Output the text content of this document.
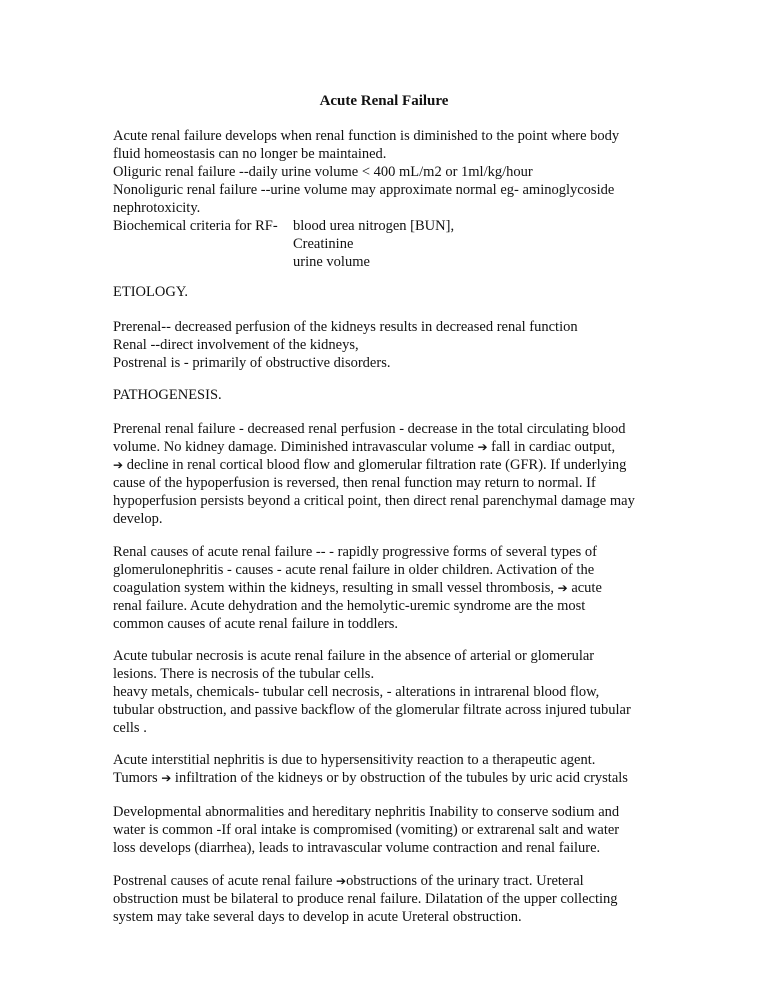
Acute Renal Failure
Acute renal failure develops when renal function is diminished to the point where body
fluid homeostasis can no longer be maintained.
Oliguric renal failure --daily urine volume < 400 mL/m2 or 1ml/kg/hour
Nonoliguric renal failure --urine volume may approximate normal eg- aminoglycoside
nephrotoxicity.
Biochemical criteria for RF- blood urea nitrogen [BUN],
Creatinine
urine volume
ETIOLOGY.
Prerenal-- decreased perfusion of the kidneys results in decreased renal function
Renal --direct involvement of the kidneys,
Postrenal is - primarily of obstructive disorders.
PATHOGENESIS.
Prerenal renal failure - decreased renal perfusion - decrease in the total circulating blood
volume. No kidney damage. Diminished intravascular volume ➔ fall in cardiac output,
➔ decline in renal cortical blood flow and glomerular filtration rate (GFR). If underlying
cause of the hypoperfusion is reversed, then renal function may return to normal. If
hypoperfusion persists beyond a critical point, then direct renal parenchymal damage may
develop.
Renal causes of acute renal failure -- - rapidly progressive forms of several types of
glomerulonephritis - causes - acute renal failure in older children. Activation of the
coagulation system within the kidneys, resulting in small vessel thrombosis, ➔ acute
renal failure. Acute dehydration and the hemolytic-uremic syndrome are the most
common causes of acute renal failure in toddlers.
Acute tubular necrosis is acute renal failure in the absence of arterial or glomerular
lesions. There is necrosis of the tubular cells.
heavy metals, chemicals- tubular cell necrosis, - alterations in intrarenal blood flow,
tubular obstruction, and passive backflow of the glomerular filtrate across injured tubular
cells .
Acute interstitial nephritis is due to hypersensitivity reaction to a therapeutic agent.
Tumors ➔ infiltration of the kidneys or by obstruction of the tubules by uric acid crystals
Developmental abnormalities and hereditary nephritis Inability to conserve sodium and
water is common -If oral intake is compromised (vomiting) or extrarenal salt and water
loss develops (diarrhea), leads to intravascular volume contraction and renal failure.
Postrenal causes of acute renal failure ➔obstructions of the urinary tract. Ureteral
obstruction must be bilateral to produce renal failure. Dilatation of the upper collecting
system may take several days to develop in acute Ureteral obstruction.
